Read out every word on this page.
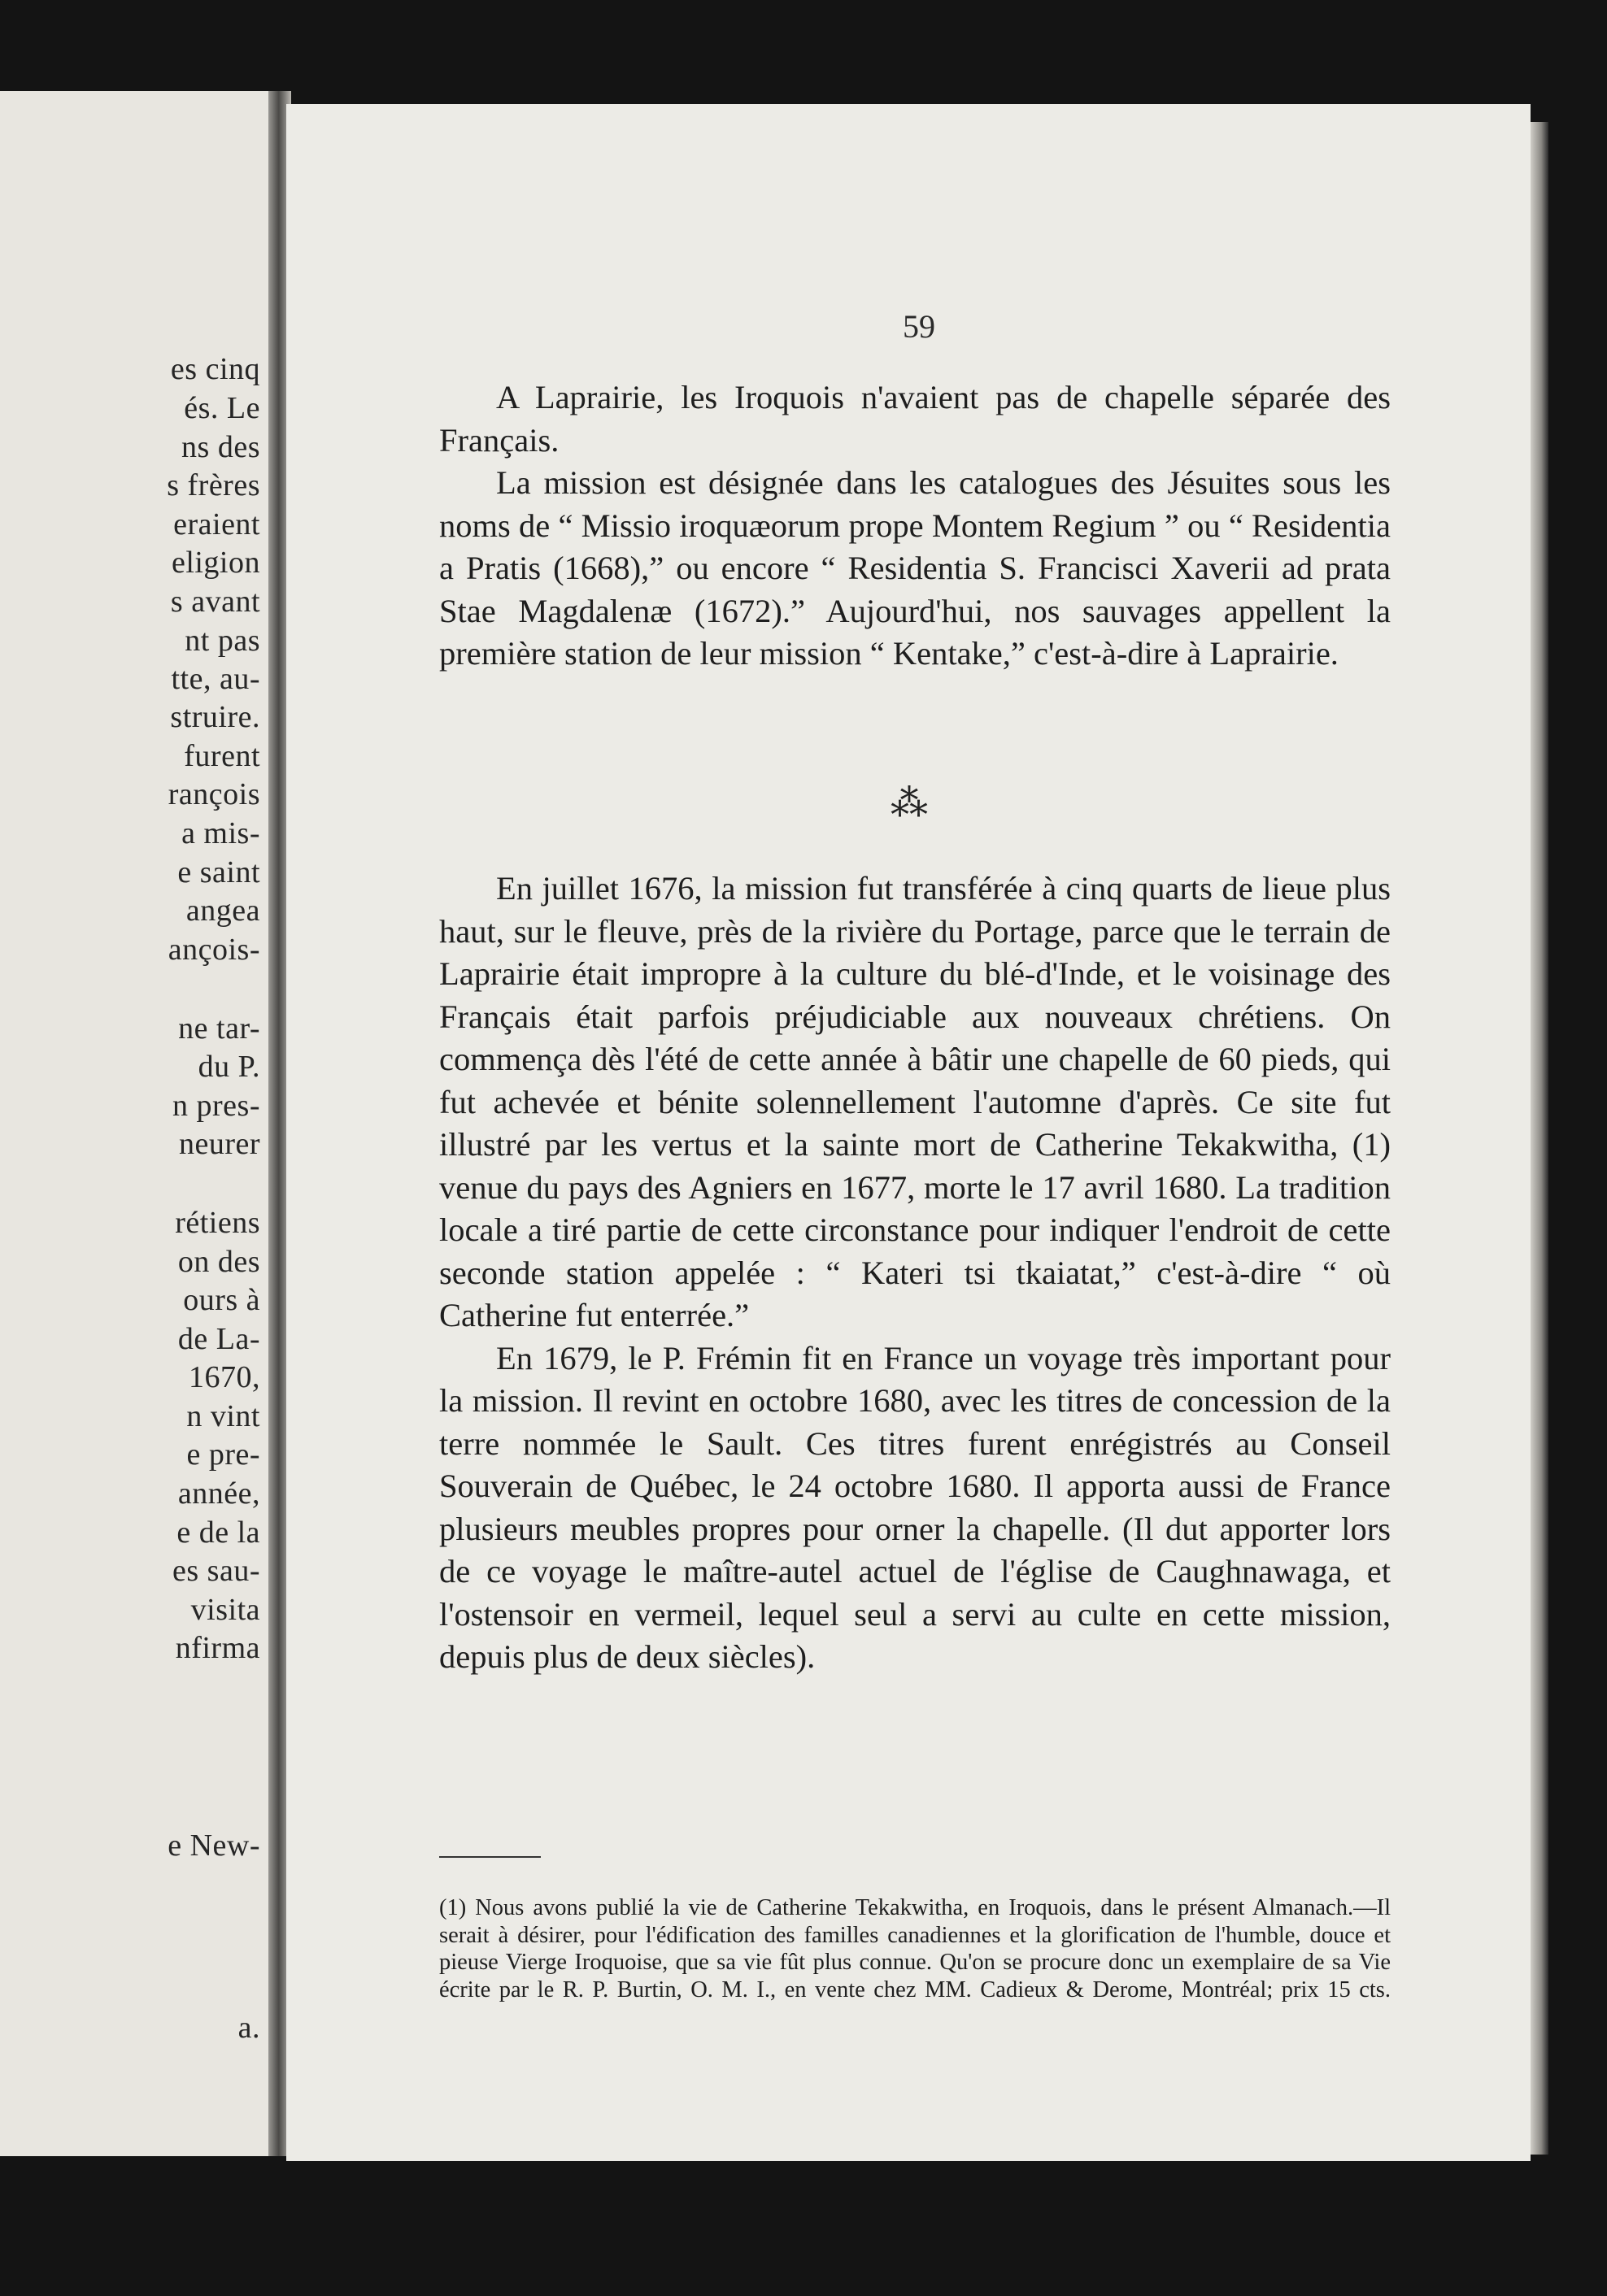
es cinq
és. Le
ns des
s frères
eraient
eligion
s avant
nt pas
tte, au-
struire.
furent
rançois
a mis-
e saint
angea
ançois-
ne tar-
du P.
n pres-
neurer
rétiens
on des
ours à
de La-
1670,
n vint
e pre-
année,
e de la
es sau-
visita
nfirma
e New-
a.
59

A Laprairie, les Iroquois n'avaient pas de chapelle séparée des Français.

La mission est désignée dans les catalogues des Jésuites sous les noms de “ Missio iroquæorum prope Montem Regium ” ou “ Residentia a Pratis (1668),” ou encore “ Residentia S. Francisci Xaverii ad prata Stae Magdalenæ (1672).” Aujourd'hui, nos sauvages appellent la première station de leur mission “ Kentake,” c'est-à-dire à Laprairie.

⁂

En juillet 1676, la mission fut transférée à cinq quarts de lieue plus haut, sur le fleuve, près de la rivière du Portage, parce que le terrain de Laprairie était impropre à la culture du blé-d'Inde, et le voisinage des Français était parfois préjudiciable aux nouveaux chrétiens. On commença dès l'été de cette année à bâtir une chapelle de 60 pieds, qui fut achevée et bénite solennellement l'automne d'après. Ce site fut illustré par les vertus et la sainte mort de Catherine Tekakwitha, (1) venue du pays des Agniers en 1677, morte le 17 avril 1680. La tradition locale a tiré partie de cette circonstance pour indiquer l'endroit de cette seconde station appelée : “ Kateri tsi tkaiatat,” c'est-à-dire “ où Catherine fut enterrée.”

En 1679, le P. Frémin fit en France un voyage très important pour la mission. Il revint en octobre 1680, avec les titres de concession de la terre nommée le Sault. Ces titres furent enrégistrés au Conseil Souverain de Québec, le 24 octobre 1680. Il apporta aussi de France plusieurs meubles propres pour orner la chapelle. (Il dut apporter lors de ce voyage le maître-autel actuel de l'église de Caughnawaga, et l'ostensoir en vermeil, lequel seul a servi au culte en cette mission, depuis plus de deux siècles).

(1) Nous avons publié la vie de Catherine Tekakwitha, en Iroquois, dans le présent Almanach.—Il serait à désirer, pour l'édification des familles canadiennes et la glorification de l'humble, douce et pieuse Vierge Iroquoise, que sa vie fût plus connue. Qu'on se procure donc un exemplaire de sa Vie écrite par le R. P. Burtin, O. M. I., en vente chez MM. Cadieux & Derome, Montréal; prix 15 cts.
